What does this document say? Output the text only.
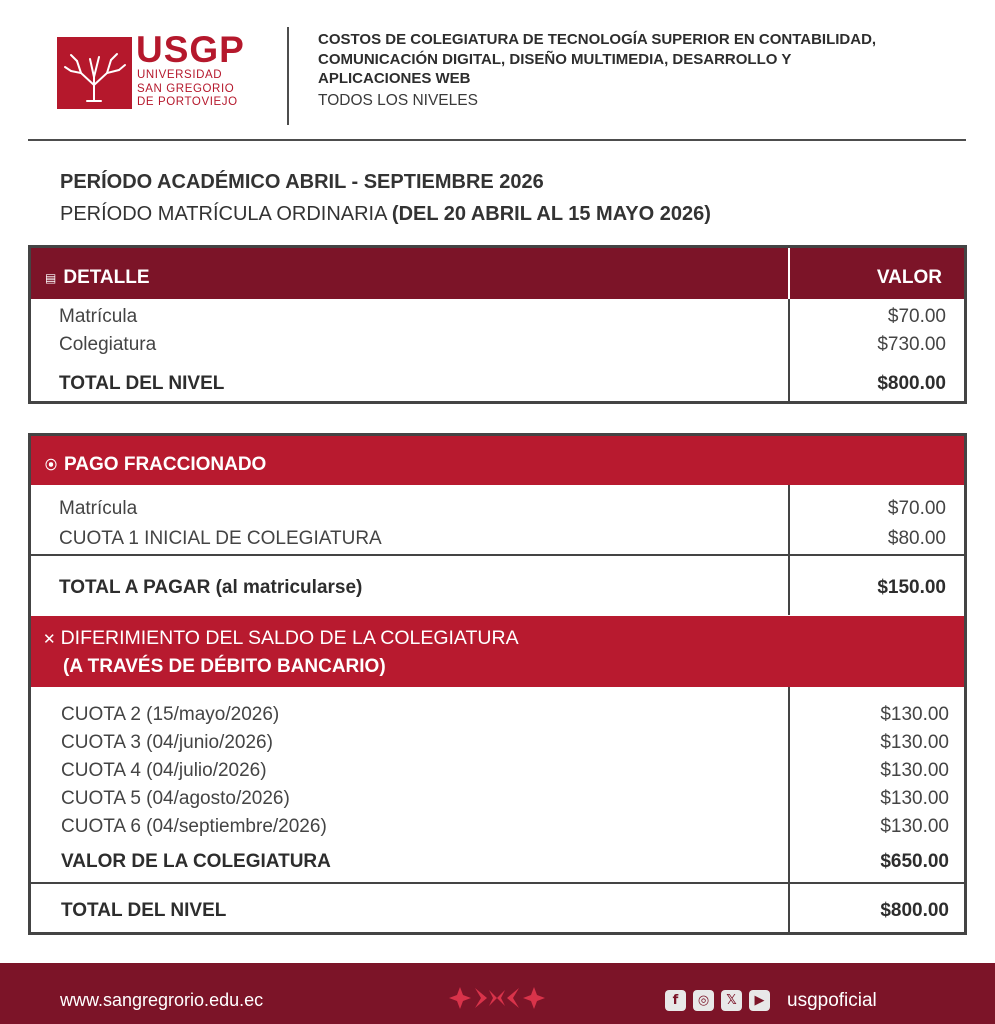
USGP
UNIVERSIDAD
SAN GREGORIO
DE PORTOVIEJO
COSTOS DE COLEGIATURA DE TECNOLOGÍA SUPERIOR EN CONTABILIDAD,
COMUNICACIÓN DIGITAL, DISEÑO MULTIMEDIA, DESARROLLO Y
APLICACIONES WEB
TODOS LOS NIVELES
PERÍODO ACADÉMICO ABRIL - SEPTIEMBRE 2026
PERÍODO MATRÍCULA ORDINARIA (DEL 20 ABRIL AL 15 MAYO 2026)
▤ DETALLE	VALOR
Matrícula	$70.00
Colegiatura	$730.00
TOTAL DEL NIVEL	$800.00
⦿ PAGO FRACCIONADO
Matrícula	$70.00
CUOTA 1 INICIAL DE COLEGIATURA	$80.00
TOTAL A PAGAR (al matricularse)	$150.00
✕ DIFERIMIENTO DEL SALDO DE LA COLEGIATURA
(A TRAVÉS DE DÉBITO BANCARIO)
CUOTA 2 (15/mayo/2026)	$130.00
CUOTA 3 (04/junio/2026)	$130.00
CUOTA 4 (04/julio/2026)	$130.00
CUOTA 5 (04/agosto/2026)	$130.00
CUOTA 6 (04/septiembre/2026)	$130.00
VALOR DE LA COLEGIATURA	$650.00
TOTAL DEL NIVEL	$800.00
www.sangregrorio.edu.ec	f	◎	𝕏	▶ usgpoficial
